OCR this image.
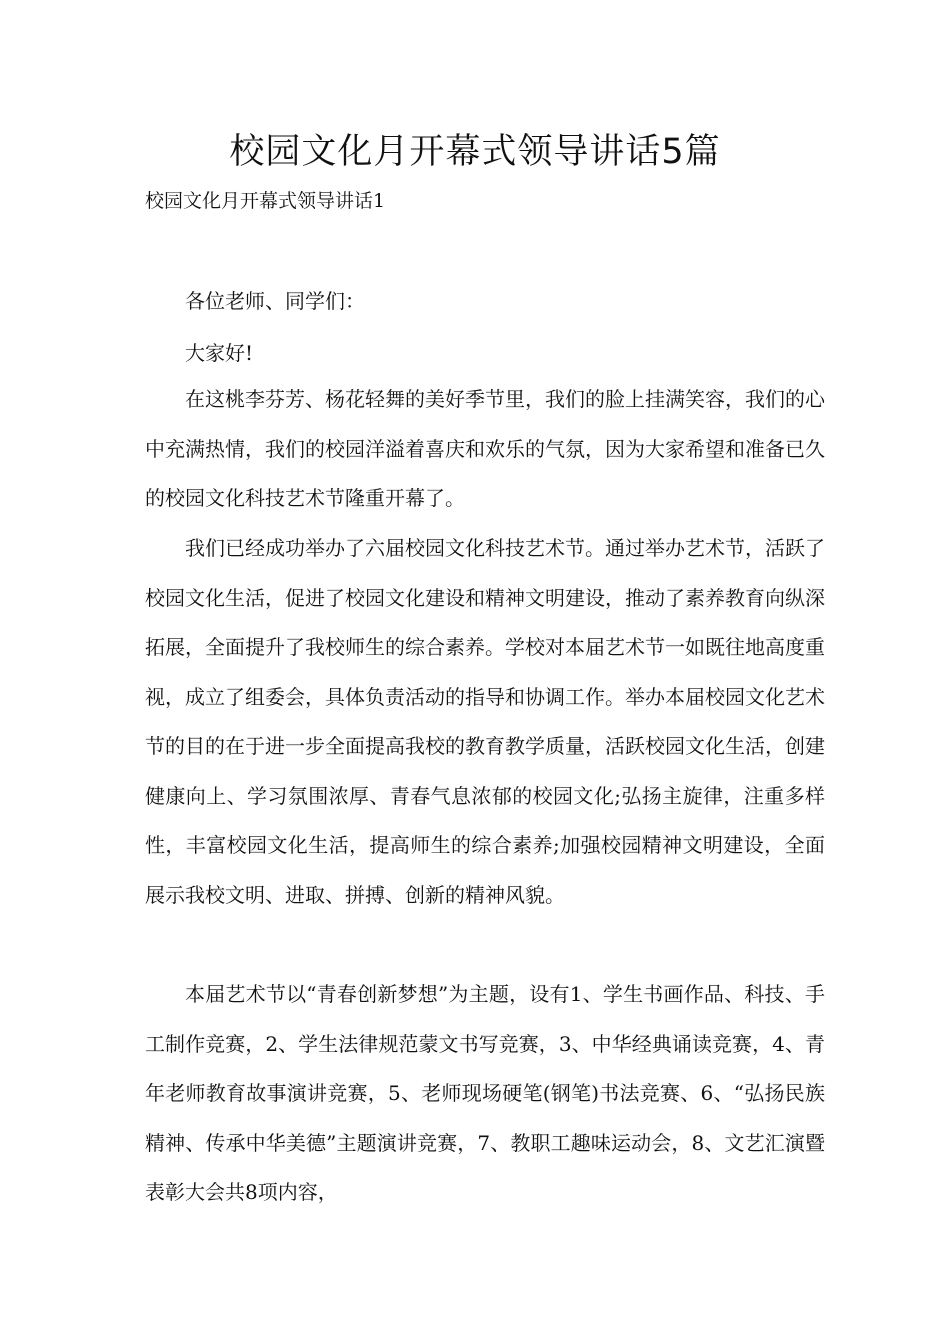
校园文化月开幕式领导讲话5篇

校园文化月开幕式领导讲话1

各位老师、同学们：

大家好!

在这桃李芬芳、杨花轻舞的美好季节里，我们的脸上挂满笑容，我们的心中充满热情，我们的校园洋溢着喜庆和欢乐的气氛，因为大家希望和准备已久的校园文化科技艺术节隆重开幕了。

我们已经成功举办了六届校园文化科技艺术节。通过举办艺术节，活跃了校园文化生活，促进了校园文化建设和精神文明建设，推动了素养教育向纵深拓展，全面提升了我校师生的综合素养。学校对本届艺术节一如既往地高度重视，成立了组委会，具体负责活动的指导和协调工作。举办本届校园文化艺术节的目的在于进一步全面提高我校的教育教学质量，活跃校园文化生活，创建健康向上、学习氛围浓厚、青春气息浓郁的校园文化;弘扬主旋律，注重多样性，丰富校园文化生活，提高师生的综合素养;加强校园精神文明建设，全面展示我校文明、进取、拼搏、创新的精神风貌。

本届艺术节以“青春创新梦想”为主题，设有1、学生书画作品、科技、手工制作竞赛，2、学生法律规范蒙文书写竞赛，3、中华经典诵读竞赛，4、青年老师教育故事演讲竞赛，5、老师现场硬笔(钢笔)书法竞赛、6、“弘扬民族精神、传承中华美德”主题演讲竞赛，7、教职工趣味运动会，8、文艺汇演暨表彰大会共8项内容，
